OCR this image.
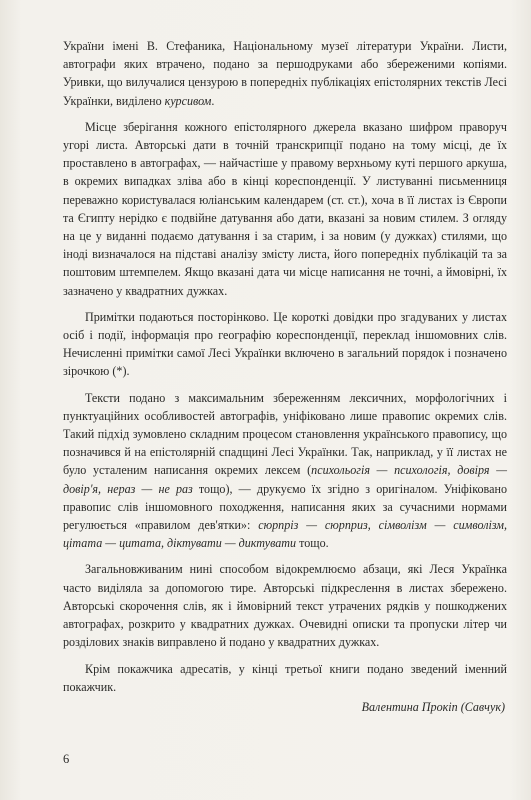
України імені В. Стефаника, Національному музеї літератури України. Листи, автографи яких втрачено, подано за першодруками або збереженими копіями. Уривки, що вилучалися цензурою в попередніх публікаціях епістолярних текстів Лесі Українки, виділено курсивом.

Місце зберігання кожного епістолярного джерела вказано шифром праворуч угорі листа. Авторські дати в точній транскрипції подано на тому місці, де їх проставлено в автографах, — найчастіше у правому верхньому куті першого аркуша, в окремих випадках зліва або в кінці кореспонденції. У листуванні письменниця переважно користувалася юліанським календарем (ст. ст.), хоча в її листах із Європи та Єгипту нерідко є подвійне датування або дати, вказані за новим стилем. З огляду на це у виданні подаємо датування і за старим, і за новим (у дужках) стилями, що іноді визначалося на підставі аналізу змісту листа, його попередніх публікацій та за поштовим штемпелем. Якщо вказані дата чи місце написання не точні, а ймовірні, їх зазначено у квадратних дужках.

Примітки подаються посторінково. Це короткі довідки про згадуваних у листах осіб і події, інформація про географію кореспонденції, переклад іншомовних слів. Нечисленні примітки самої Лесі Українки включено в загальний порядок і позначено зірочкою (*).

Тексти подано з максимальним збереженням лексичних, морфологічних і пунктуаційних особливостей автографів, уніфіковано лише правопис окремих слів. Такий підхід зумовлено складним процесом становлення українського правопису, що позначився й на епістолярній спадщині Лесі Українки. Так, наприклад, у її листах не було усталеним написання окремих лексем (психольогія — психологія, довіря — довір'я, нераз — не раз тощо), — друкуємо їх згідно з оригіналом. Уніфіковано правопис слів іншомовного походження, написання яких за сучасними нормами регулюється «правилом дев'ятки»: сюрпріз — сюрприз, сімволізм — символізм, цітата — цитата, діктувати — диктувати тощо.

Загальновживаним нині способом відокремлюємо абзаци, які Леся Українка часто виділяла за допомогою тире. Авторські підкреслення в листах збережено. Авторські скорочення слів, як і ймовірний текст утрачених рядків у пошкоджених автографах, розкрито у квадратних дужках. Очевидні описки та пропуски літер чи розділових знаків виправлено й подано у квадратних дужках.

Крім покажчика адресатів, у кінці третьої книги подано зведений іменний покажчик.

Валентина Прокіп (Савчук)
6
